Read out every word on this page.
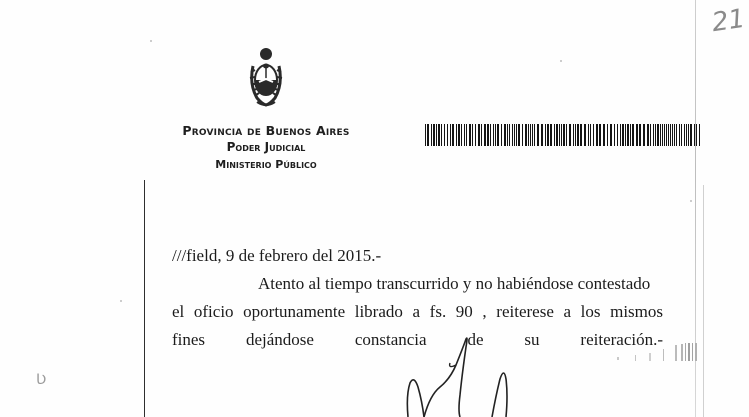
21
Provincia de Buenos Aires
Poder Judicial
Ministerio Público
///field, 9 de febrero del 2015.-
Atento al tiempo transcurrido y no habiéndose contestado
el oficio oportunamente librado a fs. 90 , reiterese a los mismos
fines dejándose constancia de su reiteración.-
Ʋ
